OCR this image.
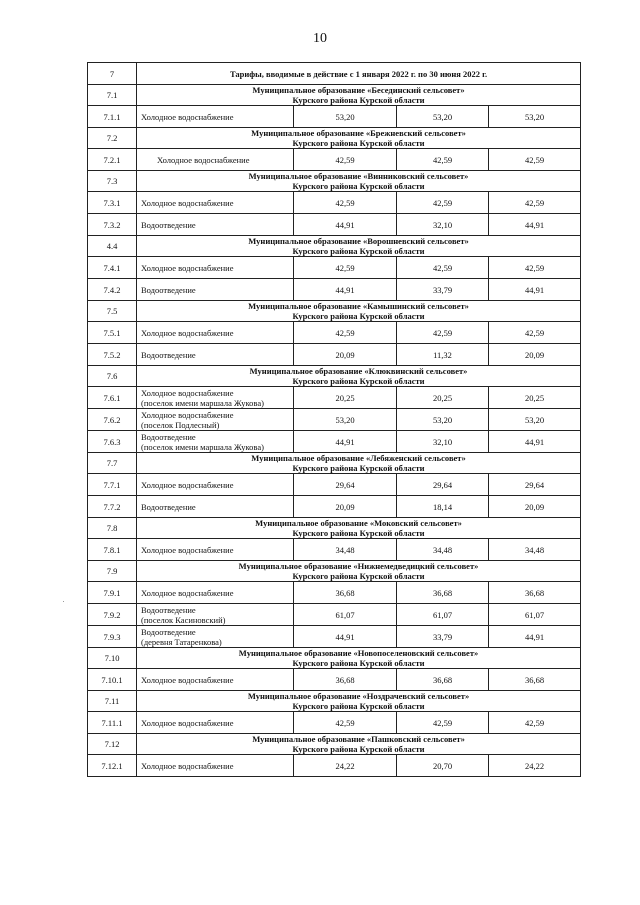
10
7	Тарифы, вводимые в действие с 1 января 2022 г. по 30 июня 2022 г.			
7.1	Муниципальное образование «Бесединский сельсовет»
Курского района Курской области			

7.1.1	Холодное водоснабжение	53,20	53,20	53,20
7.2	Муниципальное образование «Брежневский сельсовет»
Курского района Курской области			

7.2.1	Холодное водоснабжение	42,59	42,59	42,59
7.3	Муниципальное образование «Винниковский сельсовет»
Курского района Курской области			

7.3.1	Холодное водоснабжение	42,59	42,59	42,59
7.3.2	Водоотведение	44,91	32,10	44,91
4.4	Муниципальное образование «Ворошневский сельсовет»
Курского района Курской области			

7.4.1	Холодное водоснабжение	42,59	42,59	42,59
7.4.2	Водоотведение	44,91	33,79	44,91
7.5	Муниципальное образование «Камышинский сельсовет»
Курского района Курской области			

7.5.1	Холодное водоснабжение	42,59	42,59	42,59
7.5.2	Водоотведение	20,09	11,32	20,09
7.6	Муниципальное образование «Клюквинский сельсовет»
Курского района Курской области			

7.6.1	Холодное водоснабжение
(поселок имени маршала Жукова)	20,25	20,25	20,25
7.6.2	Холодное водоснабжение
(поселок Подлесный)	53,20	53,20	53,20
7.6.3	Водоотведение
(поселок имени маршала Жукова)	44,91	32,10	44,91
7.7	Муниципальное образование «Лебяженский сельсовет»
Курского района Курской области			

7.7.1	Холодное водоснабжение	29,64	29,64	29,64
7.7.2	Водоотведение	20,09	18,14	20,09
7.8	Муниципальное образование «Моковский сельсовет»
Курского района Курской области			

7.8.1	Холодное водоснабжение	34,48	34,48	34,48
7.9	Муниципальное образование «Нижнемедведицкий сельсовет»
Курского района Курской области			

7.9.1	Холодное водоснабжение	36,68	36,68	36,68
7.9.2	Водоотведение
(поселок Касиновский)	61,07	61,07	61,07
7.9.3	Водоотведение
(деревня Татаренкова)	44,91	33,79	44,91
7.10	Муниципальное образование «Новопоселеновский сельсовет»
Курского района Курской области			

7.10.1	Холодное водоснабжение	36,68	36,68	36,68
7.11	Муниципальное образование «Ноздрачевский сельсовет»
Курского района Курской области			

7.11.1	Холодное водоснабжение	42,59	42,59	42,59
7.12	Муниципальное образование «Пашковский сельсовет»
Курского района Курской области			

7.12.1	Холодное водоснабжение	24,22	20,70	24,22
